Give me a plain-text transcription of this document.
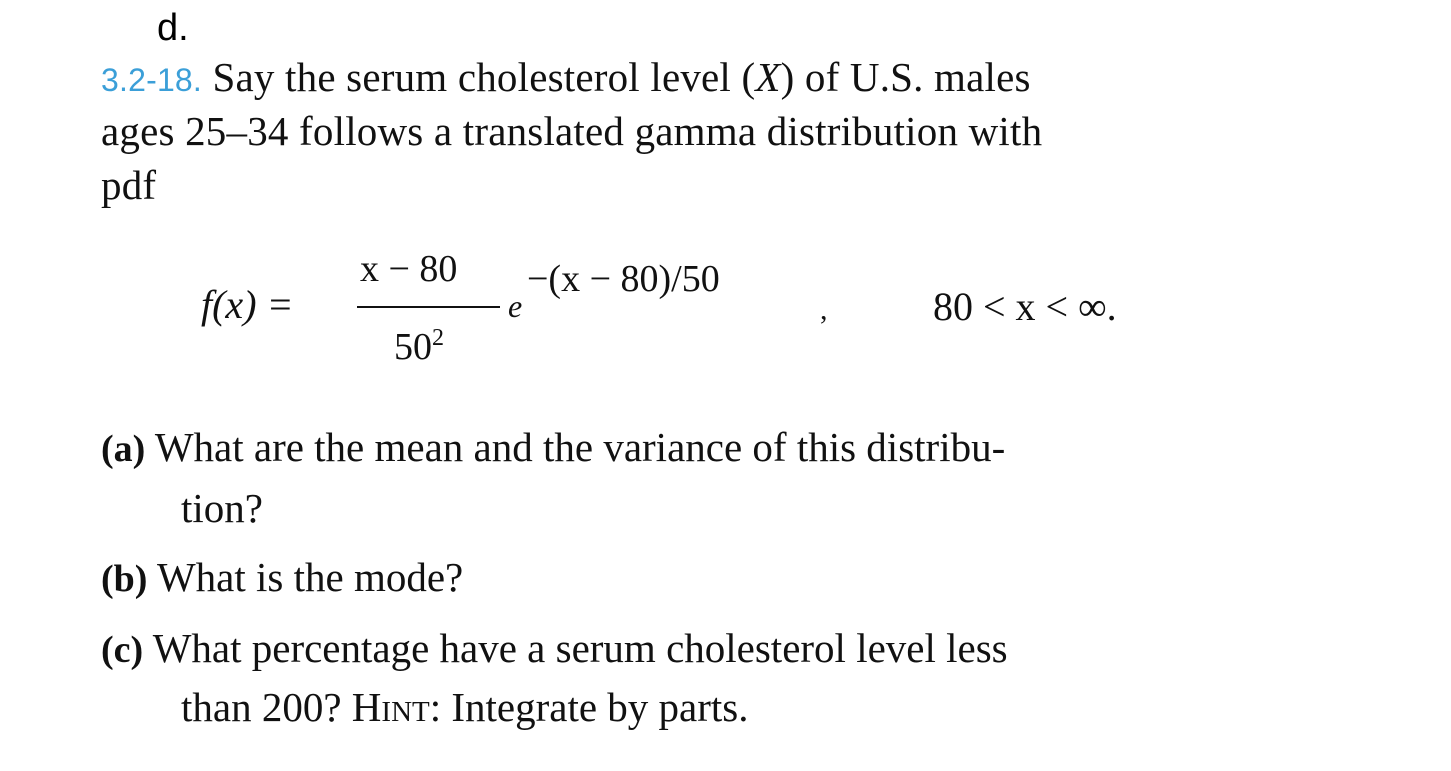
d.
3.2-18. Say the serum cholesterol level (X) of U.S. males
ages 25–34 follows a translated gamma distribution with
pdf
f(x) =
x − 80
$50^2$
e
−(x − 80)/50
,	80 < x < ∞.
(a) What are the mean and the variance of this distribu-
tion?
(b) What is the mode?
(c) What percentage have a serum cholesterol level less
than 200? Hint: Integrate by parts.
